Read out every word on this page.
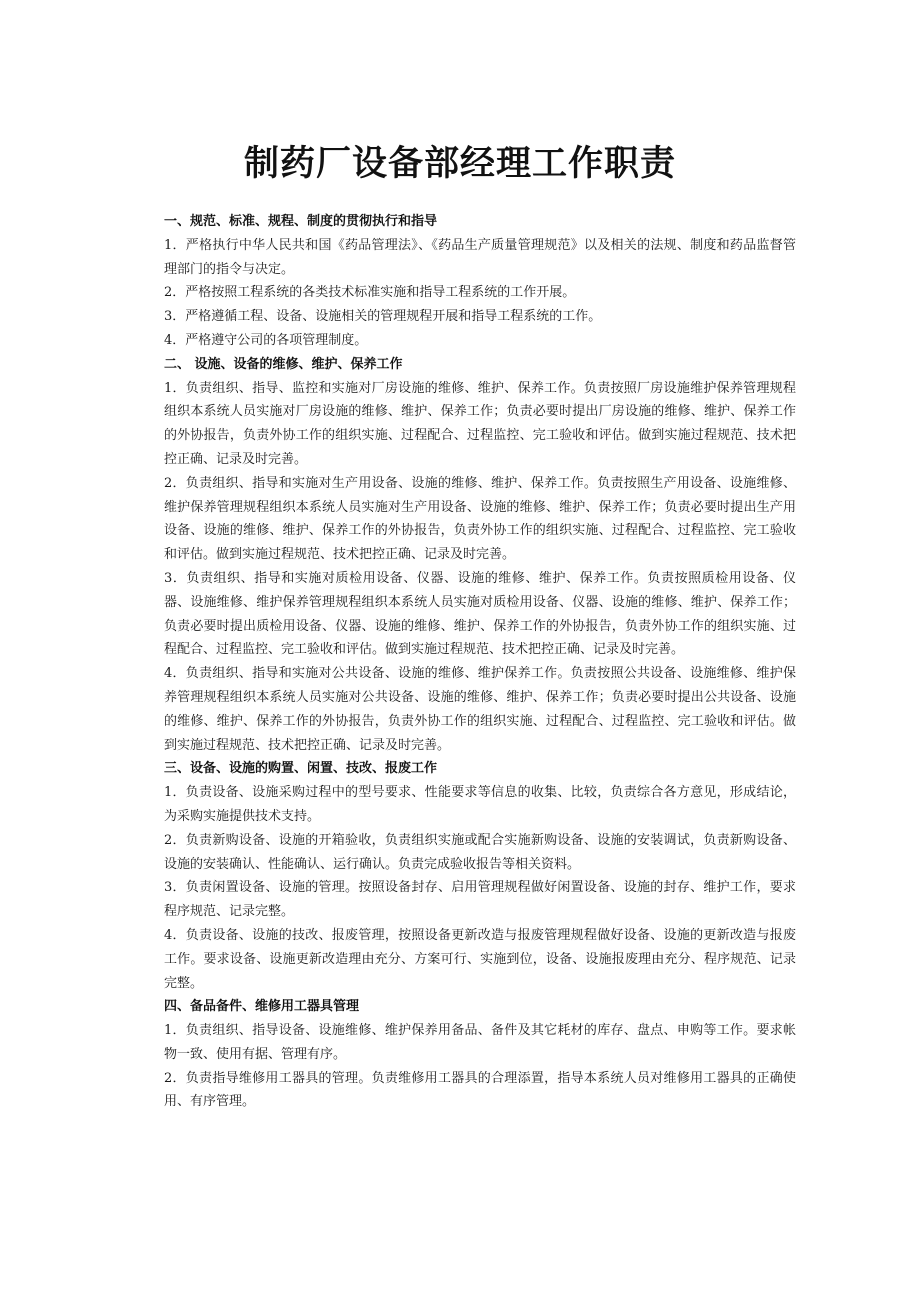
制药厂设备部经理工作职责
一、规范、标准、规程、制度的贯彻执行和指导

1．严格执行中华人民共和国《药品管理法》、《药品生产质量管理规范》以及相关的法规、制度和药品监督管理部门的指令与决定。

2．严格按照工程系统的各类技术标准实施和指导工程系统的工作开展。

3．严格遵循工程、设备、设施相关的管理规程开展和指导工程系统的工作。

4．严格遵守公司的各项管理制度。

二、 设施、设备的维修、维护、保养工作

1．负责组织、指导、监控和实施对厂房设施的维修、维护、保养工作。负责按照厂房设施维护保养管理规程组织本系统人员实施对厂房设施的维修、维护、保养工作；负责必要时提出厂房设施的维修、维护、保养工作的外协报告，负责外协工作的组织实施、过程配合、过程监控、完工验收和评估。做到实施过程规范、技术把控正确、记录及时完善。

2．负责组织、指导和实施对生产用设备、设施的维修、维护、保养工作。负责按照生产用设备、设施维修、维护保养管理规程组织本系统人员实施对生产用设备、设施的维修、维护、保养工作；负责必要时提出生产用设备、设施的维修、维护、保养工作的外协报告，负责外协工作的组织实施、过程配合、过程监控、完工验收和评估。做到实施过程规范、技术把控正确、记录及时完善。

3．负责组织、指导和实施对质检用设备、仪器、设施的维修、维护、保养工作。负责按照质检用设备、仪器、设施维修、维护保养管理规程组织本系统人员实施对质检用设备、仪器、设施的维修、维护、保养工作；负责必要时提出质检用设备、仪器、设施的维修、维护、保养工作的外协报告，负责外协工作的组织实施、过程配合、过程监控、完工验收和评估。做到实施过程规范、技术把控正确、记录及时完善。

4．负责组织、指导和实施对公共设备、设施的维修、维护保养工作。负责按照公共设备、设施维修、维护保养管理规程组织本系统人员实施对公共设备、设施的维修、维护、保养工作；负责必要时提出公共设备、设施的维修、维护、保养工作的外协报告，负责外协工作的组织实施、过程配合、过程监控、完工验收和评估。做到实施过程规范、技术把控正确、记录及时完善。

三、设备、设施的购置、闲置、技改、报废工作

1．负责设备、设施采购过程中的型号要求、性能要求等信息的收集、比较，负责综合各方意见，形成结论，为采购实施提供技术支持。

2．负责新购设备、设施的开箱验收，负责组织实施或配合实施新购设备、设施的安装调试，负责新购设备、设施的安装确认、性能确认、运行确认。负责完成验收报告等相关资料。

3．负责闲置设备、设施的管理。按照设备封存、启用管理规程做好闲置设备、设施的封存、维护工作，要求程序规范、记录完整。

4．负责设备、设施的技改、报废管理，按照设备更新改造与报废管理规程做好设备、设施的更新改造与报废工作。要求设备、设施更新改造理由充分、方案可行、实施到位，设备、设施报废理由充分、程序规范、记录完整。

四、备品备件、维修用工器具管理

1．负责组织、指导设备、设施维修、维护保养用备品、备件及其它耗材的库存、盘点、申购等工作。要求帐物一致、使用有据、管理有序。

2．负责指导维修用工器具的管理。负责维修用工器具的合理添置，指导本系统人员对维修用工器具的正确使用、有序管理。
